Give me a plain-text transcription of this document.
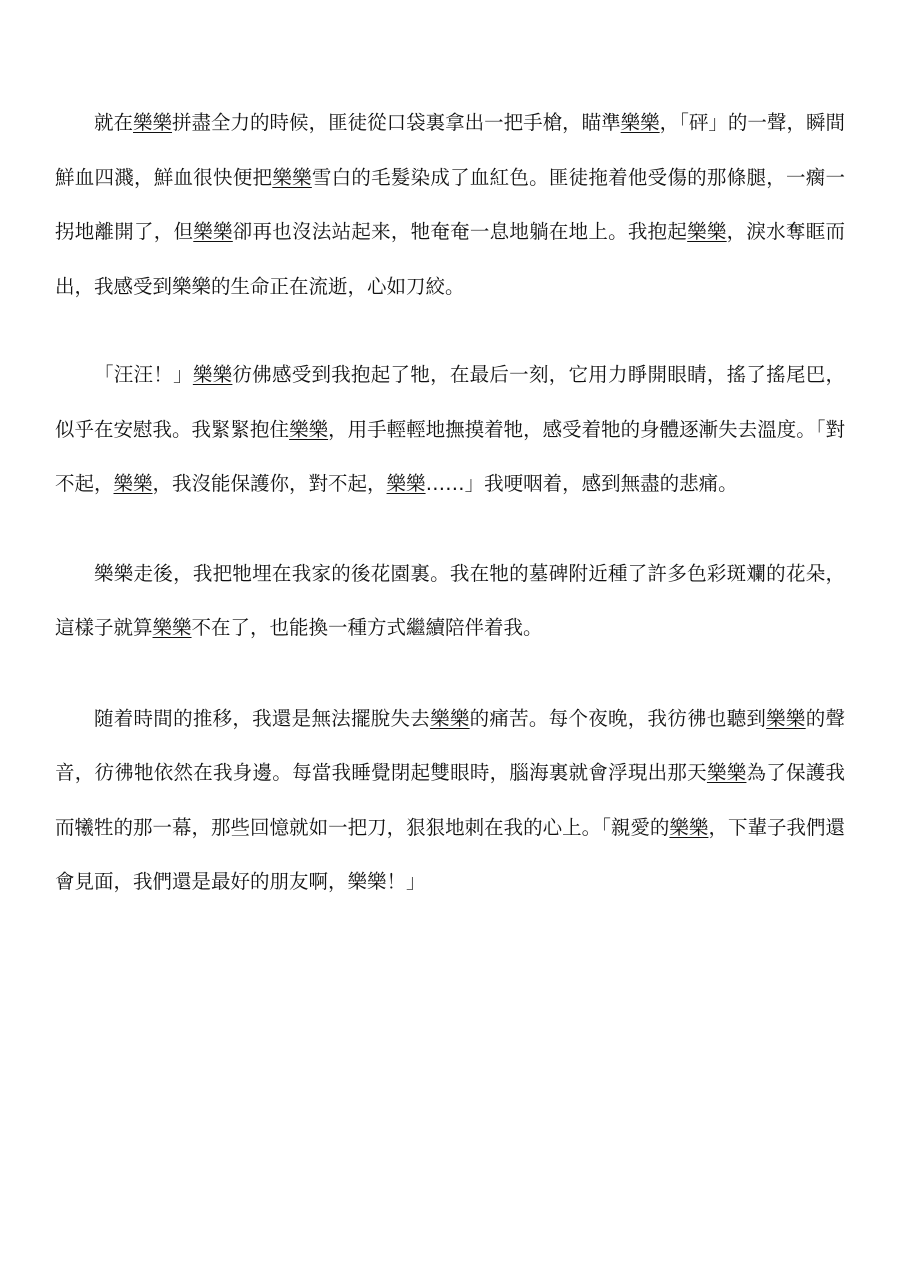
就在樂樂拼盡全力的時候，匪徒從口袋裏拿出一把手槍，瞄準樂樂，「砰」的一聲，瞬間鮮血四濺，鮮血很快便把樂樂雪白的毛髮染成了血紅色。匪徒拖着他受傷的那條腿，一瘸一拐地離開了，但樂樂卻再也沒法站起来，牠奄奄一息地躺在地上。我抱起樂樂，淚水奪眶而出，我感受到樂樂的生命正在流逝，心如刀絞。

「汪汪！」樂樂彷佛感受到我抱起了牠，在最后一刻，它用力睜開眼睛，搖了搖尾巴，似乎在安慰我。我緊緊抱住樂樂，用手輕輕地撫摸着牠，感受着牠的身體逐漸失去溫度。「對不起，樂樂，我沒能保護你，對不起，樂樂……」我哽咽着，感到無盡的悲痛。

樂樂走後，我把牠埋在我家的後花園裏。我在牠的墓碑附近種了許多色彩斑斕的花朵，這樣子就算樂樂不在了，也能換一種方式繼續陪伴着我。

随着時間的推移，我還是無法擺脫失去樂樂的痛苦。每个夜晚，我彷彿也聽到樂樂的聲音，彷彿牠依然在我身邊。每當我睡覺閉起雙眼時，腦海裏就會浮現出那天樂樂為了保護我而犧牲的那一幕，那些回憶就如一把刀，狠狠地刺在我的心上。「親愛的樂樂，下輩子我們還會見面，我們還是最好的朋友啊，樂樂！」
